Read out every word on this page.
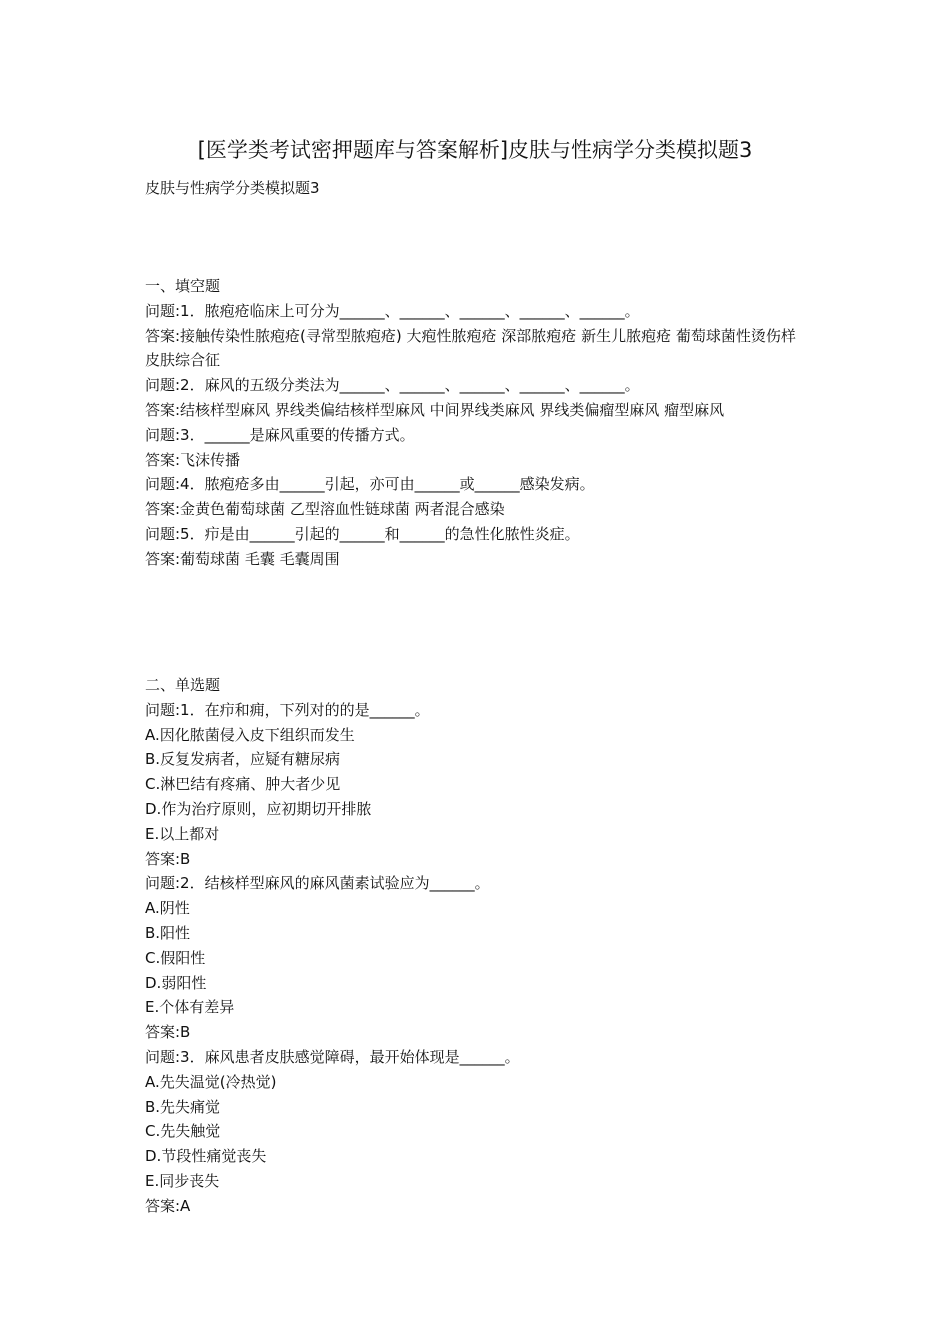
[医学类考试密押题库与答案解析]皮肤与性病学分类模拟题3
皮肤与性病学分类模拟题3
一、填空题
问题:1．脓疱疮临床上可分为______、______、______、______、______。
答案:接触传染性脓疱疮(寻常型脓疱疮) 大疱性脓疱疮 深部脓疱疮 新生儿脓疱疮 葡萄球菌性烫伤样皮肤综合征
问题:2．麻风的五级分类法为______、______、______、______、______。
答案:结核样型麻风 界线类偏结核样型麻风 中间界线类麻风 界线类偏瘤型麻风 瘤型麻风
问题:3．______是麻风重要的传播方式。
答案:飞沫传播
问题:4．脓疱疮多由______引起，亦可由______或______感染发病。
答案:金黄色葡萄球菌 乙型溶血性链球菌 两者混合感染
问题:5．疖是由______引起的______和______的急性化脓性炎症。
答案:葡萄球菌 毛囊 毛囊周围
二、单选题
问题:1．在疖和痈，下列对的的是______。
A.因化脓菌侵入皮下组织而发生
B.反复发病者，应疑有糖尿病
C.淋巴结有疼痛、肿大者少见
D.作为治疗原则，应初期切开排脓
E.以上都对
答案:B
问题:2．结核样型麻风的麻风菌素试验应为______。
A.阴性
B.阳性
C.假阳性
D.弱阳性
E.个体有差异
答案:B
问题:3．麻风患者皮肤感觉障碍，最开始体现是______。
A.先失温觉(冷热觉)
B.先失痛觉
C.先失触觉
D.节段性痛觉丧失
E.同步丧失
答案:A
